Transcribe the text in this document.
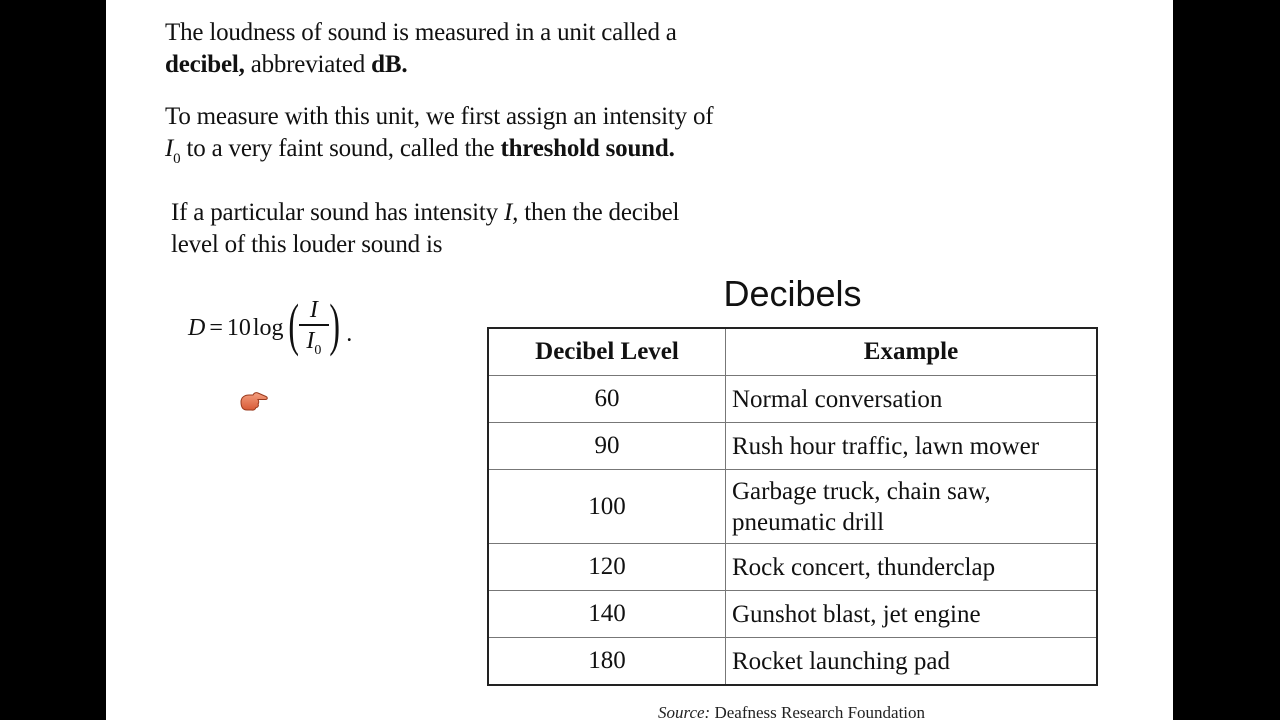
The loudness of sound is measured in a unit called a
decibel, abbreviated dB.
To measure with this unit, we first assign an intensity of
$I_0$ to a very faint sound, called the threshold sound.
If a particular sound has intensity I, then the decibel
level of this louder sound is
D = 10 log ( $\frac{I}{I_0}$ ) .
Decibels
Decibel Level	Example
60	Normal conversation
90	Rush hour traffic, lawn mower
100	Garbage truck, chain saw,
pneumatic drill
120	Rock concert, thunderclap
140	Gunshot blast, jet engine
180	Rocket launching pad
Source: Deafness Research Foundation
